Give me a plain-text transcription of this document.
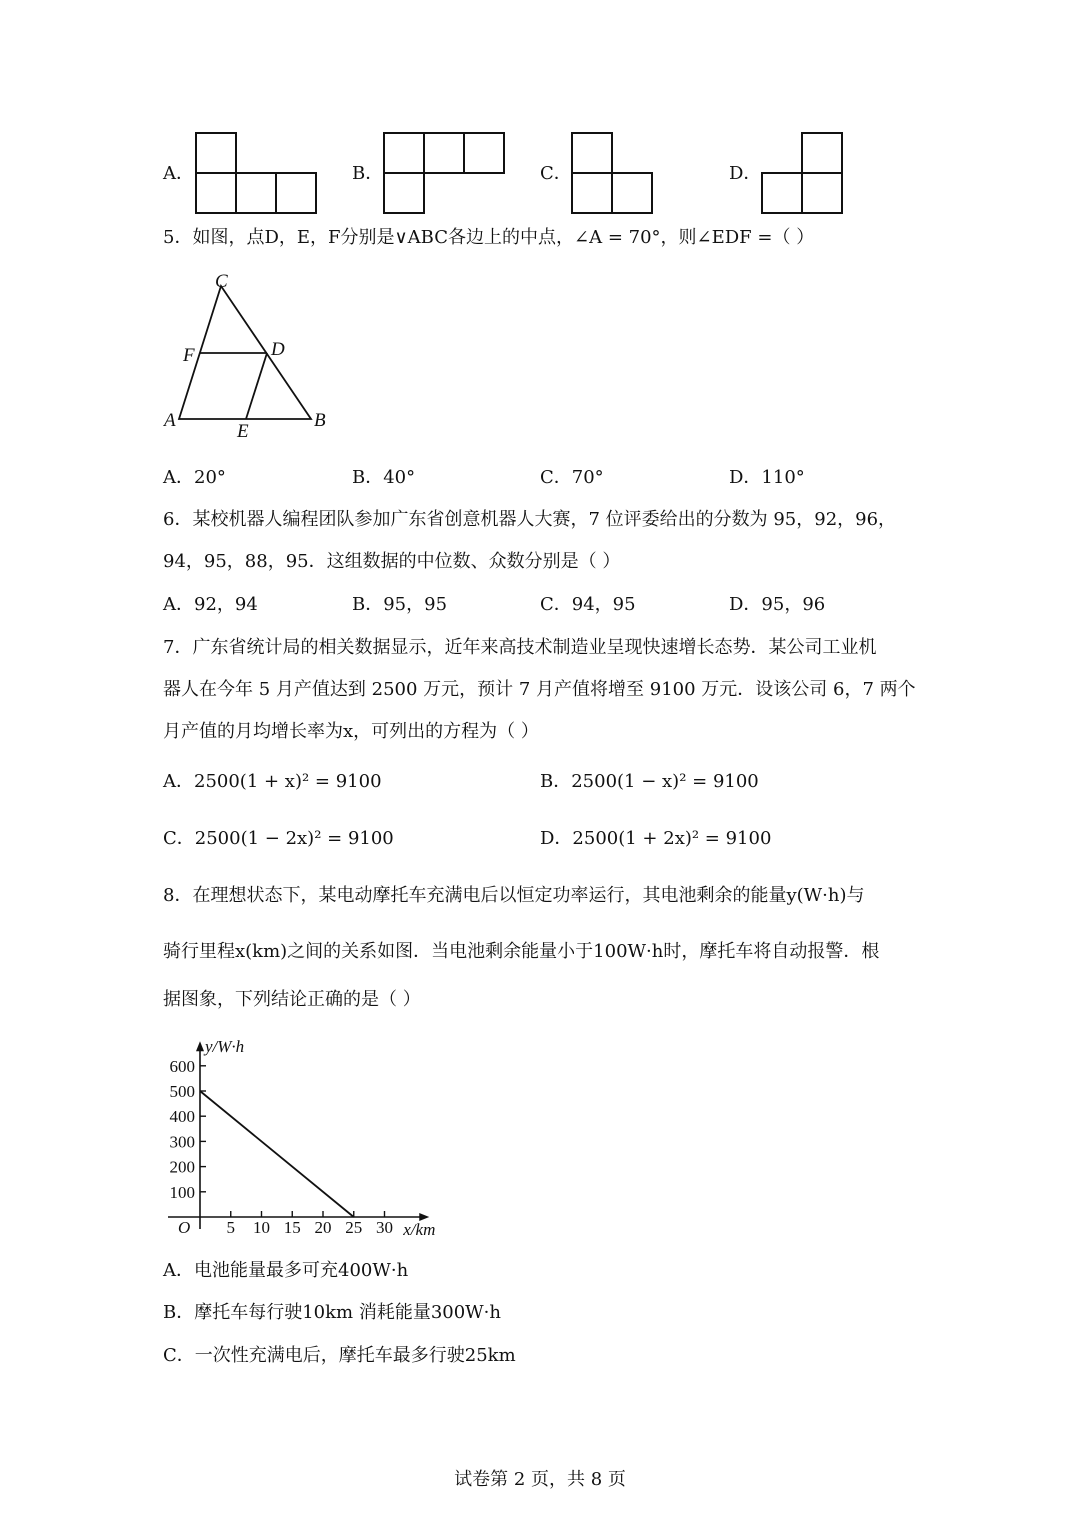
A．	B．	C．	D．
5．如图，点D，E，F分别是∨ABC各边上的中点，∠A = 70°，则∠EDF =（ ）
C
F	D
A
E
B
A．20°	B．40°	C．70°	D．110°
6．某校机器人编程团队参加广东省创意机器人大赛，7 位评委给出的分数为 95，92，96，
94，95，88，95．这组数据的中位数、众数分别是（ ）
A．92，94	B．95，95	C．94，95	D．95，96
7．广东省统计局的相关数据显示，近年来高技术制造业呈现快速增长态势．某公司工业机
器人在今年 5 月产值达到 2500 万元，预计 7 月产值将增至 9100 万元．设该公司 6，7 两个
月产值的月均增长率为x，可列出的方程为（ ）
A．2500(1 + x)² = 9100	B．2500(1 − x)² = 9100
C．2500(1 − 2x)² = 9100	D．2500(1 + 2x)² = 9100
8．在理想状态下，某电动摩托车充满电后以恒定功率运行，其电池剩余的能量y(W·h)与
骑行里程x(km)之间的关系如图．当电池剩余能量小于100W·h时，摩托车将自动报警．根
据图象，下列结论正确的是（ ）
5 10 15 20 25 30
100
200
300
400
500
600
O	x/km
y/W·h
A．电池能量最多可充400W·h
B．摩托车每行驶10km 消耗能量300W·h
C．一次性充满电后，摩托车最多行驶25km
试卷第 2 页，共 8 页
